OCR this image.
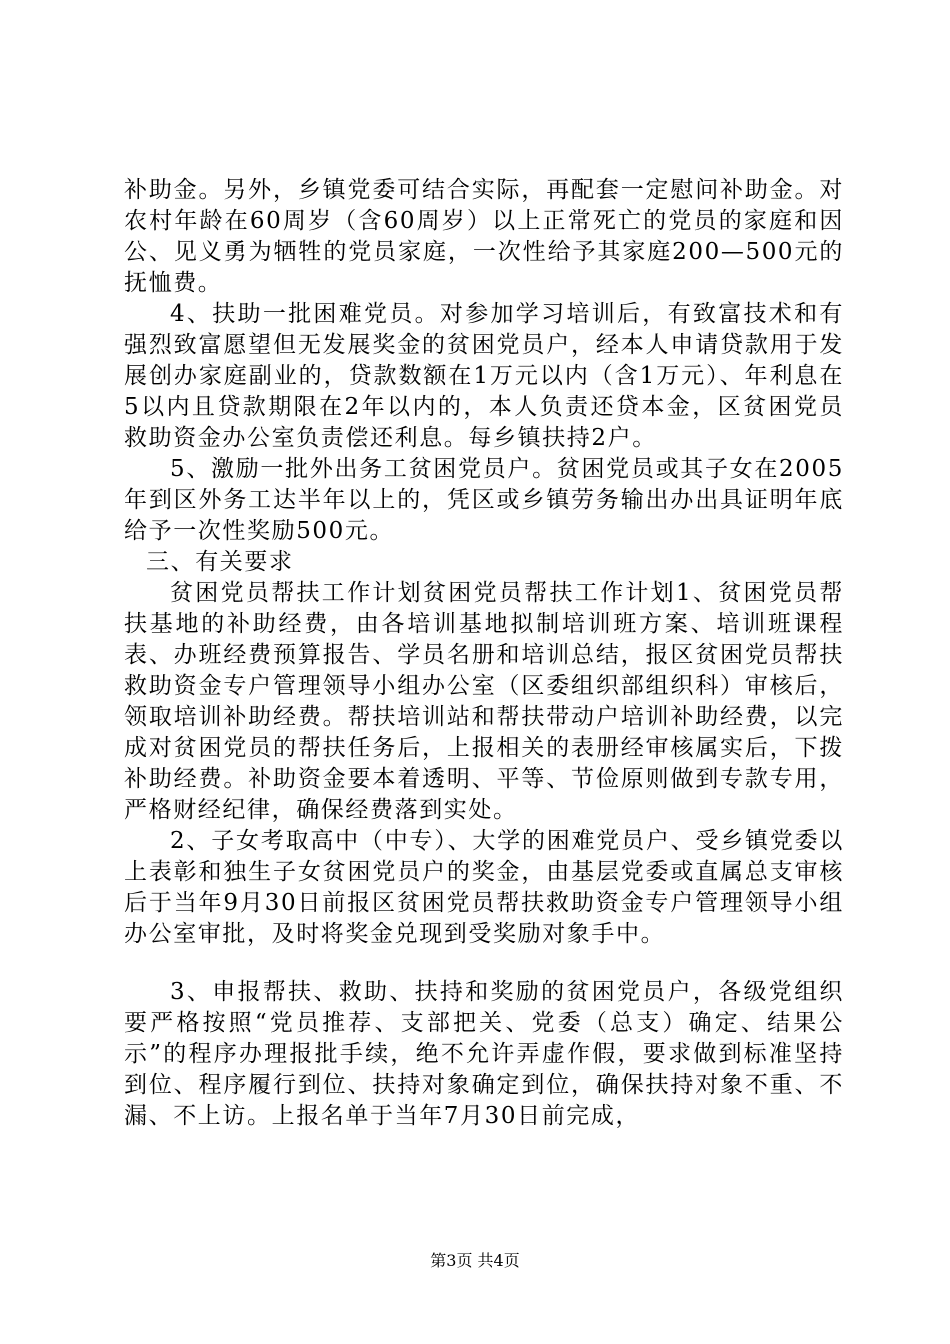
补助金。另外，乡镇党委可结合实际，再配套一定慰问补助金。对农村年龄在60周岁（含60周岁）以上正常死亡的党员的家庭和因公、见义勇为牺牲的党员家庭，一次性给予其家庭200—500元的抚恤费。

4、扶助一批困难党员。对参加学习培训后，有致富技术和有强烈致富愿望但无发展奖金的贫困党员户，经本人申请贷款用于发展创办家庭副业的，贷款数额在1万元以内（含1万元）、年利息在5以内且贷款期限在2年以内的，本人负责还贷本金，区贫困党员救助资金办公室负责偿还利息。每乡镇扶持2户。

5、激励一批外出务工贫困党员户。贫困党员或其子女在2005年到区外务工达半年以上的，凭区或乡镇劳务输出办出具证明年底给予一次性奖励500元。

三、有关要求

贫困党员帮扶工作计划贫困党员帮扶工作计划1、贫困党员帮扶基地的补助经费，由各培训基地拟制培训班方案、培训班课程表、办班经费预算报告、学员名册和培训总结，报区贫困党员帮扶救助资金专户管理领导小组办公室（区委组织部组织科）审核后，领取培训补助经费。帮扶培训站和帮扶带动户培训补助经费，以完成对贫困党员的帮扶任务后，上报相关的表册经审核属实后，下拨补助经费。补助资金要本着透明、平等、节俭原则做到专款专用，严格财经纪律，确保经费落到实处。

2、子女考取高中（中专）、大学的困难党员户、受乡镇党委以上表彰和独生子女贫困党员户的奖金，由基层党委或直属总支审核后于当年9月30日前报区贫困党员帮扶救助资金专户管理领导小组办公室审批，及时将奖金兑现到受奖励对象手中。

3、申报帮扶、救助、扶持和奖励的贫困党员户，各级党组织要严格按照“党员推荐、支部把关、党委（总支）确定、结果公示”的程序办理报批手续，绝不允许弄虚作假，要求做到标准坚持到位、程序履行到位、扶持对象确定到位，确保扶持对象不重、不漏、不上访。上报名单于当年7月30日前完成，

第3页 共4页
